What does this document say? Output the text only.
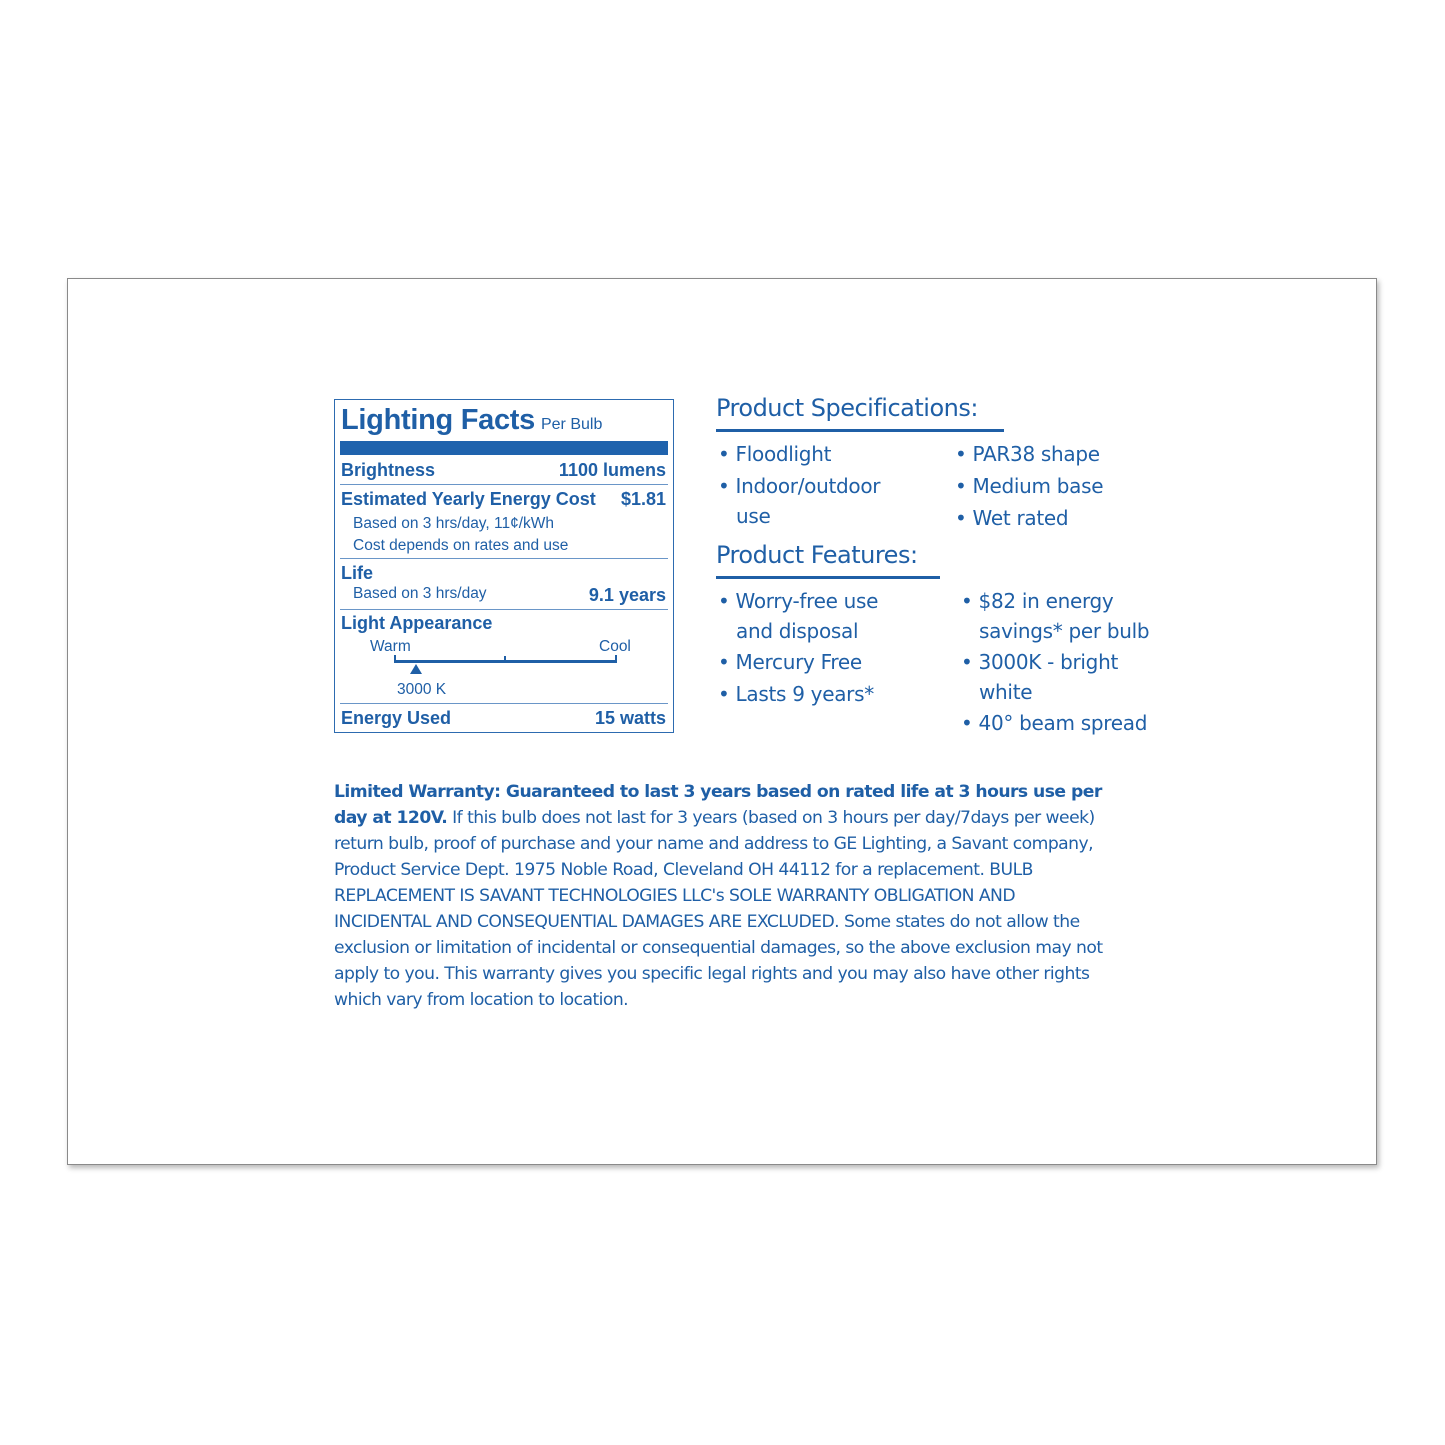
Lighting Facts Per Bulb
Brightness	1100 lumens
Estimated Yearly Energy Cost $1.81
Based on 3 hrs/day, 11¢/kWh
Cost depends on rates and use
Life
Based on 3 hrs/day	9.1 years
Light Appearance
Warm	Cool
3000 K
Energy Used	15 watts
Product Specifications:
• Floodlight
• Indoor/outdoor
use
• PAR38 shape
• Medium base
• Wet rated
Product Features:
• Worry-free use
and disposal
• Mercury Free
• Lasts 9 years*
• $82 in energy
savings* per bulb
• 3000K - bright
white
• 40° beam spread
Limited Warranty: Guaranteed to last 3 years based on rated life at 3 hours use per day at 120V. If this bulb does not last for 3 years (based on 3 hours per day/7days per week) return bulb, proof of purchase and your name and address to GE Lighting, a Savant company, Product Service Dept. 1975 Noble Road, Cleveland OH 44112 for a replacement. BULB REPLACEMENT IS SAVANT TECHNOLOGIES LLC's SOLE WARRANTY OBLIGATION AND INCIDENTAL AND CONSEQUENTIAL DAMAGES ARE EXCLUDED. Some states do not allow the exclusion or limitation of incidental or consequential damages, so the above exclusion may not apply to you. This warranty gives you specific legal rights and you may also have other rights which vary from location to location.
